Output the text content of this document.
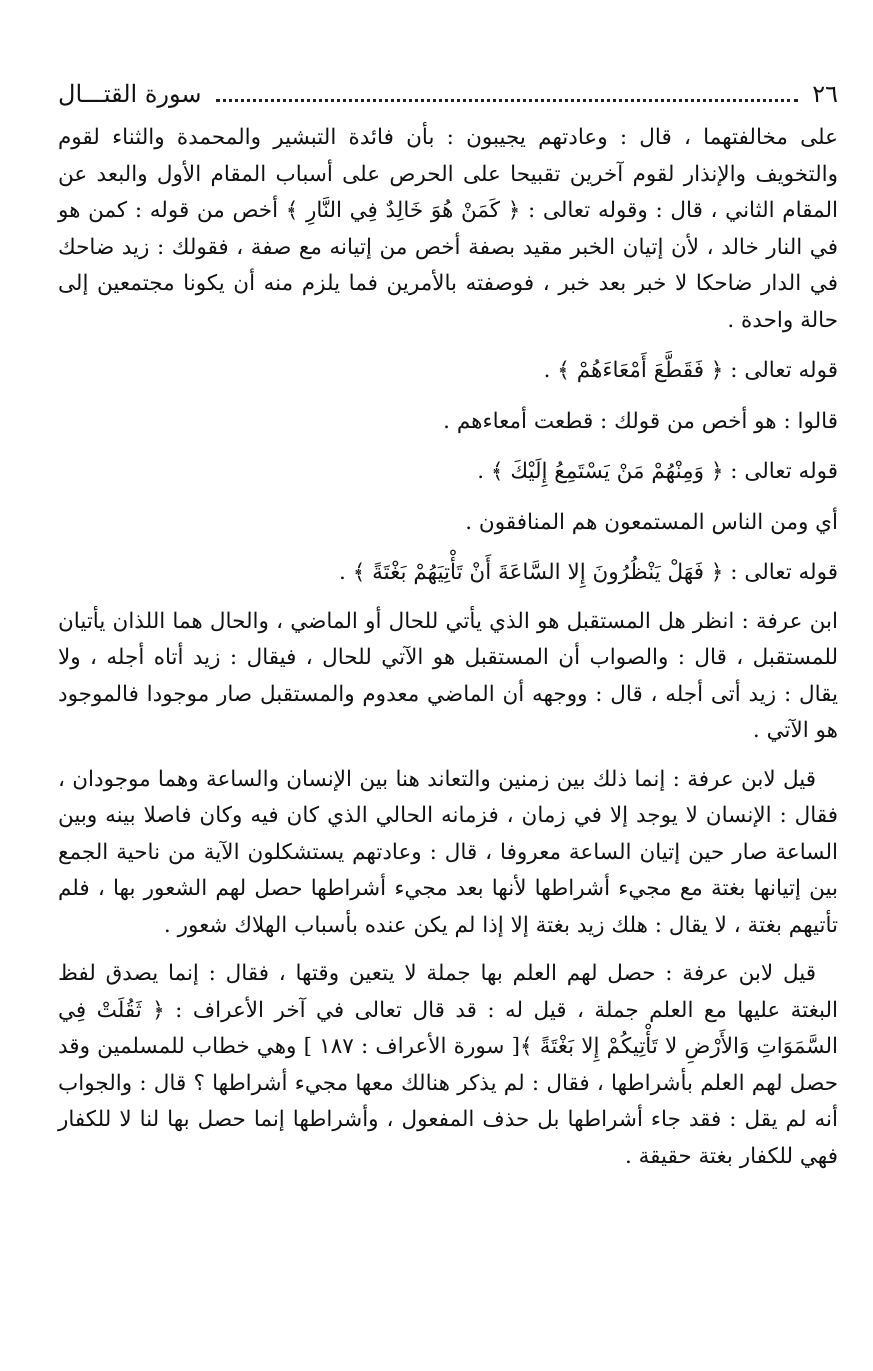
٢٦
سورة القتـــال

على مخالفتهما ، قال : وعادتهم يجيبون : بأن فائدة التبشير والمحمدة والثناء لقوم والتخويف والإنذار لقوم آخرين تقبيحا على الحرص على أسباب المقام الأول والبعد عن المقام الثاني ، قال : وقوله تعالى : ﴿ كَمَنْ هُوَ خَالِدٌ فِي النَّارِ ﴾ أخص من قوله : كمن هو في النار خالد ، لأن إتيان الخبر مقيد بصفة أخص من إتيانه مع صفة ، فقولك : زيد ضاحك في الدار ضاحكا لا خبر بعد خبر ، فوصفته بالأمرين فما يلزم منه أن يكونا مجتمعين إلى حالة واحدة .

قوله تعالى : ﴿ فَقَطَّعَ أَمْعَاءَهُمْ ﴾ .

قالوا : هو أخص من قولك : قطعت أمعاءهم .

قوله تعالى : ﴿ وَمِنْهُمْ مَنْ يَسْتَمِعُ إِلَيْكَ ﴾ .

أي ومن الناس المستمعون هم المنافقون .

قوله تعالى : ﴿ فَهَلْ يَنْظُرُونَ إِلا السَّاعَةَ أَنْ تَأْتِيَهُمْ بَغْتَةً ﴾ .

ابن عرفة : انظر هل المستقبل هو الذي يأتي للحال أو الماضي ، والحال هما اللذان يأتيان للمستقبل ، قال : والصواب أن المستقبل هو الآتي للحال ، فيقال : زيد أتاه أجله ، ولا يقال : زيد أتى أجله ، قال : ووجهه أن الماضي معدوم والمستقبل صار موجودا فالموجود هو الآتي .

قيل لابن عرفة : إنما ذلك بين زمنين والتعاند هنا بين الإنسان والساعة وهما موجودان ، فقال : الإنسان لا يوجد إلا في زمان ، فزمانه الحالي الذي كان فيه وكان فاصلا بينه وبين الساعة صار حين إتيان الساعة معروفا ، قال : وعادتهم يستشكلون الآية من ناحية الجمع بين إتيانها بغتة مع مجيء أشراطها لأنها بعد مجيء أشراطها حصل لهم الشعور بها ، فلم تأتيهم بغتة ، لا يقال : هلك زيد بغتة إلا إذا لم يكن عنده بأسباب الهلاك شعور .

قيل لابن عرفة : حصل لهم العلم بها جملة لا يتعين وقتها ، فقال : إنما يصدق لفظ البغتة عليها مع العلم جملة ، قيل له : قد قال تعالى في آخر الأعراف : ﴿ ثَقُلَتْ فِي السَّمَوَاتِ وَالأَرْضِ لا تَأْتِيكُمْ إِلا بَغْتَةً ﴾[ سورة الأعراف : ١٨٧ ] وهي خطاب للمسلمين وقد حصل لهم العلم بأشراطها ، فقال : لم يذكر هنالك معها مجيء أشراطها ؟ قال : والجواب أنه لم يقل : فقد جاء أشراطها بل حذف المفعول ، وأشراطها إنما حصل بها لنا لا للكفار فهي للكفار بغتة حقيقة .
